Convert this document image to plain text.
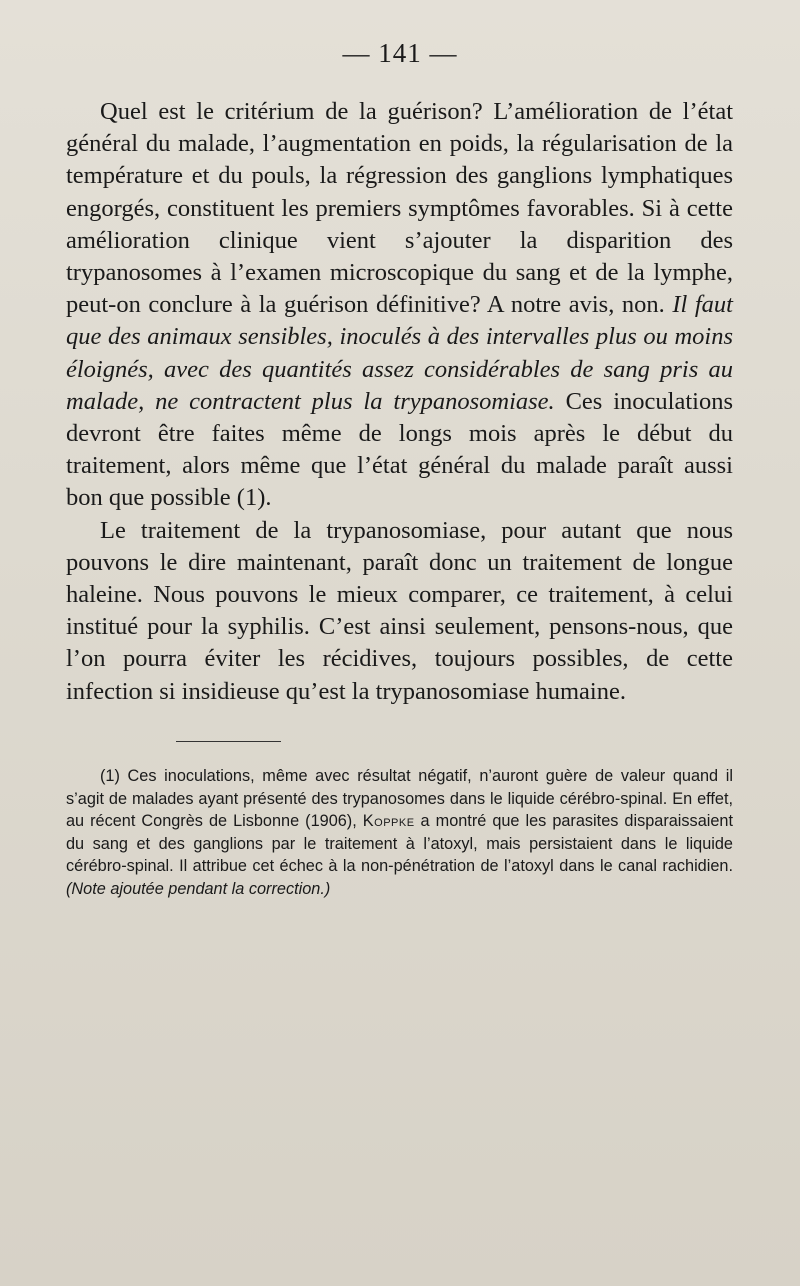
— 141 —

Quel est le critérium de la guérison? L’amélioration de l’état général du malade, l’augmentation en poids, la régularisation de la température et du pouls, la régression des ganglions lymphatiques engorgés, constituent les premiers symptômes favorables. Si à cette amélioration clinique vient s’ajouter la disparition des trypanosomes à l’examen microscopique du sang et de la lymphe, peut-on conclure à la guérison définitive? A notre avis, non. Il faut que des animaux sensibles, inoculés à des intervalles plus ou moins éloignés, avec des quantités assez considérables de sang pris au malade, ne contractent plus la trypanosomiase. Ces inoculations devront être faites même de longs mois après le début du traitement, alors même que l’état général du malade paraît aussi bon que possible (1).

Le traitement de la trypanosomiase, pour autant que nous pouvons le dire maintenant, paraît donc un traitement de longue haleine. Nous pouvons le mieux comparer, ce traitement, à celui institué pour la syphilis. C’est ainsi seulement, pensons-nous, que l’on pourra éviter les récidives, toujours possibles, de cette infection si insidieuse qu’est la trypanosomiase humaine.

(1) Ces inoculations, même avec résultat négatif, n’auront guère de valeur quand il s’agit de malades ayant présenté des trypanosomes dans le liquide cérébro-spinal. En effet, au récent Congrès de Lisbonne (1906), Koppke a montré que les parasites disparaissaient du sang et des ganglions par le traitement à l’atoxyl, mais persistaient dans le liquide cérébro-spinal. Il attribue cet échec à la non-pénétration de l’atoxyl dans le canal rachidien. (Note ajoutée pendant la correction.)
